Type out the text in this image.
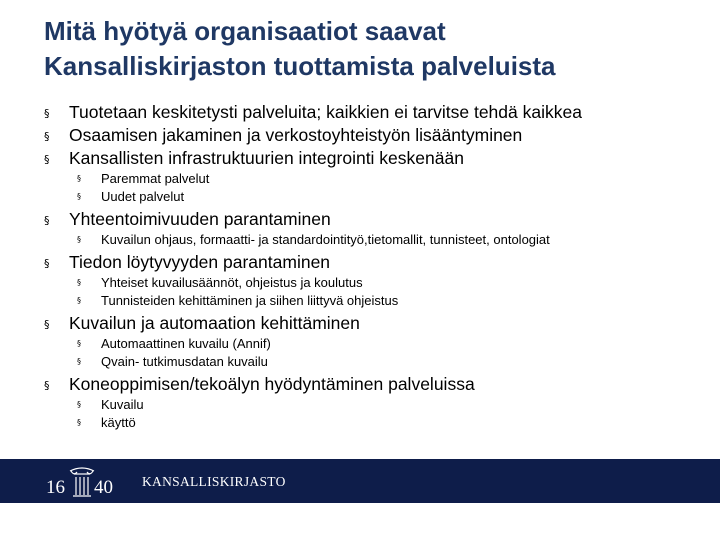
Mitä hyötyä organisaatiot saavat
Kansalliskirjaston tuottamista palveluista
§ Tuotetaan keskitetysti palveluita; kaikkien ei tarvitse tehdä kaikkea
§ Osaamisen jakaminen ja verkostoyhteistyön lisääntyminen
§ Kansallisten infrastruktuurien integrointi keskenään
§ Paremmat palvelut
§ Uudet palvelut
§ Yhteentoimivuuden parantaminen
§ Kuvailun ohjaus, formaatti- ja standardointityö,tietomallit, tunnisteet, ontologiat
§ Tiedon löytyvyyden parantaminen
§ Yhteiset kuvailusäännöt, ohjeistus ja koulutus
§ Tunnisteiden kehittäminen ja siihen liittyvä ohjeistus
§ Kuvailun ja automaation kehittäminen
§ Automaattinen kuvailu (Annif)
§ Qvain- tutkimusdatan kuvailu
§ Koneoppimisen/tekoälyn hyödyntäminen palveluissa
§ Kuvailu
§ käyttö
16 40 KANSALLISKIRJASTO
